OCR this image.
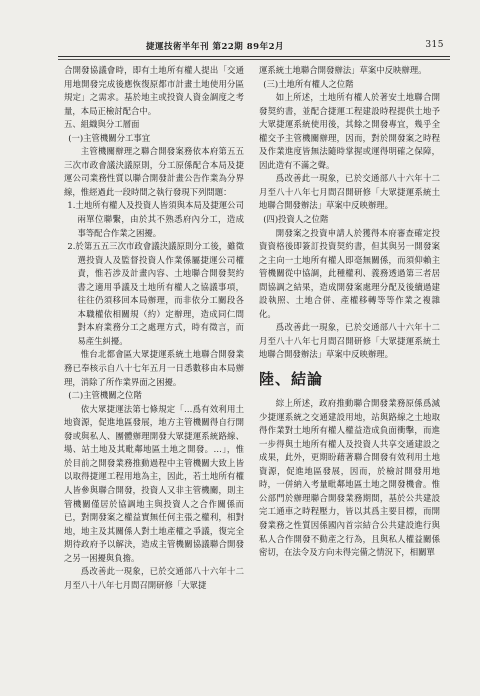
捷運技術半年刊 第22期 89年2月	315

合開發協議會時，即有土地所有權人提出「交通用地開發完成後應恢復原都市計畫土地使用分區規定」之需求。基於地主或投資人資金調度之考量，本局正檢討配合中。

五、組織與分工層面

(一)主管機關分工事宜

主管機關辦理之聯合開發案務依本府第五五三次市政會議決議原則，分工原係配合本局及捷運公司業務性質以聯合開發計畫公告作業為分界線，惟經過此一段時間之執行發現下列問題：

1.土地所有權人及投資人皆須與本局及捷運公司兩單位聯繫，由於其不熟悉府內分工，造成事等配合作業之困擾。

2.於第五五三次市政會議決議原則分工後，雖徵選投資人及監督投資人作業係屬捷運公司權責，惟若涉及計畫內容、土地聯合開發契約書之適用爭議及土地所有權人之協議事項，往往仍須移回本局辦理，而非依分工關段各本職權依相關規（約）定辦理，造成同仁間對本府業務分工之處理方式，時有徵言，而易產生糾擾。

惟台北都會區大眾捷運系統土地聯合開發業務已奉核示自八十七年五月一日悉數移由本局辦理，消除了所作業界面之困擾。

(二)主管機關之位階

依大眾捷運法第七條規定「…爲有效利用土地資源，促進地區發展，地方主管機關得自行開發或與私人、團體辦理開發大眾捷運系統路線、場、站土地及其毗鄰地區土地之開發。…」，惟於目前之開發業務推動過程中主管機關大致上皆以取得捷運工程用地為主，因此，若土地所有權人皆參與聯合開發，投資人又非主管機關，則主管機關僅居於協調地主與投資人之合作關係而已，對開發案之權益實無任何主張之權利，相對地，地主及其關係人對土地產權之爭議，復完全期待政府予以解決，造成主管機關協議聯合開發之另一困擾與負擔。

爲改善此一現象，已於交通部八十六年十二月至八十八年七月間召開研修「大眾捷

運系統土地聯合開發辦法」草案中反映辦理。

(三)土地所有權人之位階

如上所述，土地所有權人於著安土地聯合開發契約書，並配合捷運工程建設時程提供土地予大眾捷運系統使用後，其餘之開發專宜，幾乎全權交予主管機關辦理，因而，對於開發案之時程及作業進度皆無法隨時掌握或運得明確之保障，因此造有不滿之聲。

爲改善此一現象，已於交通部八十六年十二月至八十八年七月間召開研修「大眾捷運系統土地聯合開發辦法」草案中反映辦理。

(四)投資人之位階

開發案之投資申請人於獲得本府審查確定投資資格後即簽訂投資契約書，但其與另一開發案之主向一土地所有權人即毫無關係，而須仰賴主管機關從中協調，此種權利、義務透過第三者居間協調之結果，造成開發案處理分配及後續過建設執照、土地合併、產權移轉等等作業之複雜化。

爲改善此一現象，已於交通部八十六年十二月至八十八年七月間召開研修「大眾捷運系統土地聯合開發辦法」草案中反映辦理。

陸、結論

綜上所述，政府推動聯合開發業務原係爲減少捷運系統之交通建設用地，站與路線之土地取得作業對土地所有權人權益造成負面衝擊，而進一步得與土地所有權人及投資人共享交通建設之成果，此外，更期盼藉著聯合開發有效利用土地資源，促進地區發展，因而，於檢討開發用地時，一併納入考量毗鄰地區土地之開發機會。惟公部門於辦理聯合開發業務期間，基於公共建設完工通車之時程壓力，皆以其爲主要目標，而開發業務之性質因係國內首宗結合公共建設進行與私人合作開發不動產之行為，且與私人權益關係密切，在法令及方向未得完備之情況下，相關單
